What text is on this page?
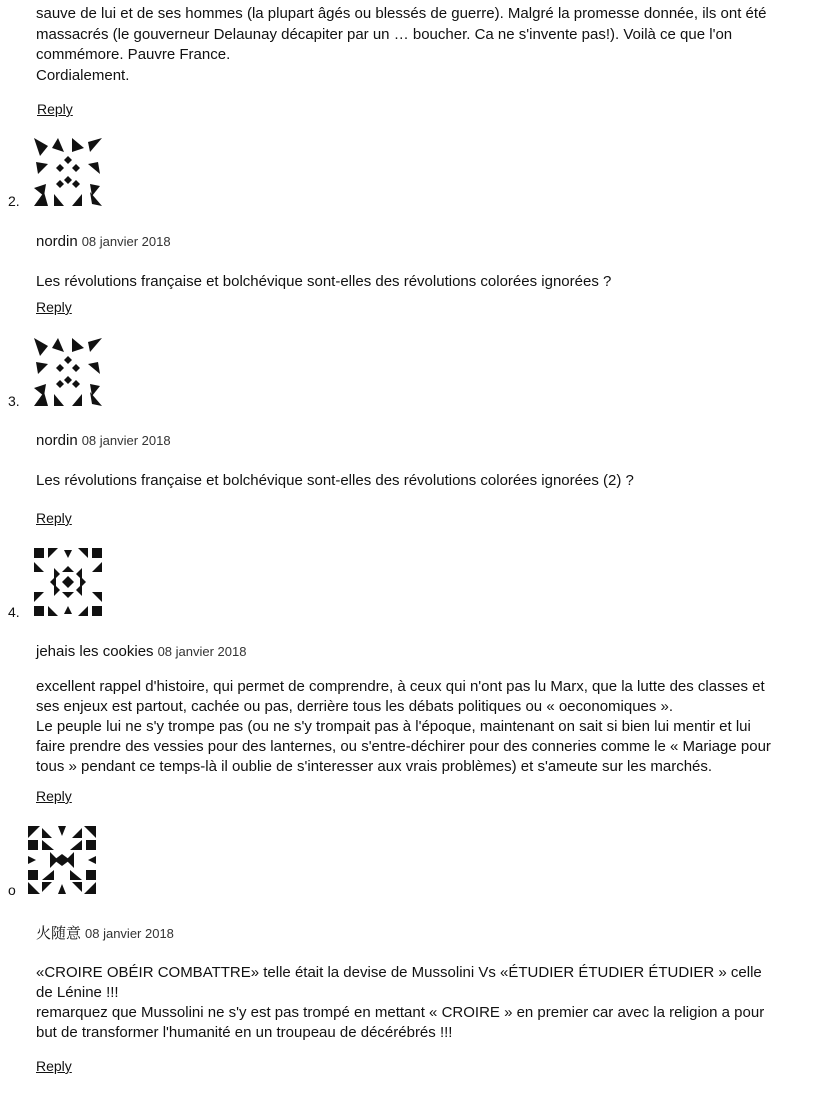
sauve de lui et de ses hommes (la plupart âgés ou blessés de guerre). Malgré la promesse donnée, ils ont été

massacrés (le gouverneur Delaunay décapiter par un … boucher. Ca ne s'invente pas!). Voilà ce que l'on

commémore. Pauvre France.

Cordialement.

Reply
2.
nordin 08 janvier 2018

Les révolutions française et bolchévique sont-elles des révolutions colorées ignorées ?

Reply
3.
nordin 08 janvier 2018

Les révolutions française et bolchévique sont-elles des révolutions colorées ignorées (2) ?

Reply
4.
jehais les cookies 08 janvier 2018

excellent rappel d'histoire, qui permet de comprendre, à ceux qui n'ont pas lu Marx, que la lutte des classes et

ses enjeux est partout, cachée ou pas, derrière tous les débats politiques ou « oeconomiques ».

Le peuple lui ne s'y trompe pas (ou ne s'y trompait pas à l'époque, maintenant on sait si bien lui mentir et lui

faire prendre des vessies pour des lanternes, ou s'entre-déchirer pour des conneries comme le « Mariage pour

tous » pendant ce temps-là il oublie de s'interesser aux vrais problèmes) et s'ameute sur les marchés.

Reply
o
火随意 08 janvier 2018

«CROIRE OBÉIR COMBATTRE» telle était la devise de Mussolini Vs «ÉTUDIER ÉTUDIER ÉTUDIER » celle

de Lénine !!!

remarquez que Mussolini ne s'y est pas trompé en mettant « CROIRE » en premier car avec la religion a pour

but de transformer l'humanité en un troupeau de décérébrés !!!

Reply
